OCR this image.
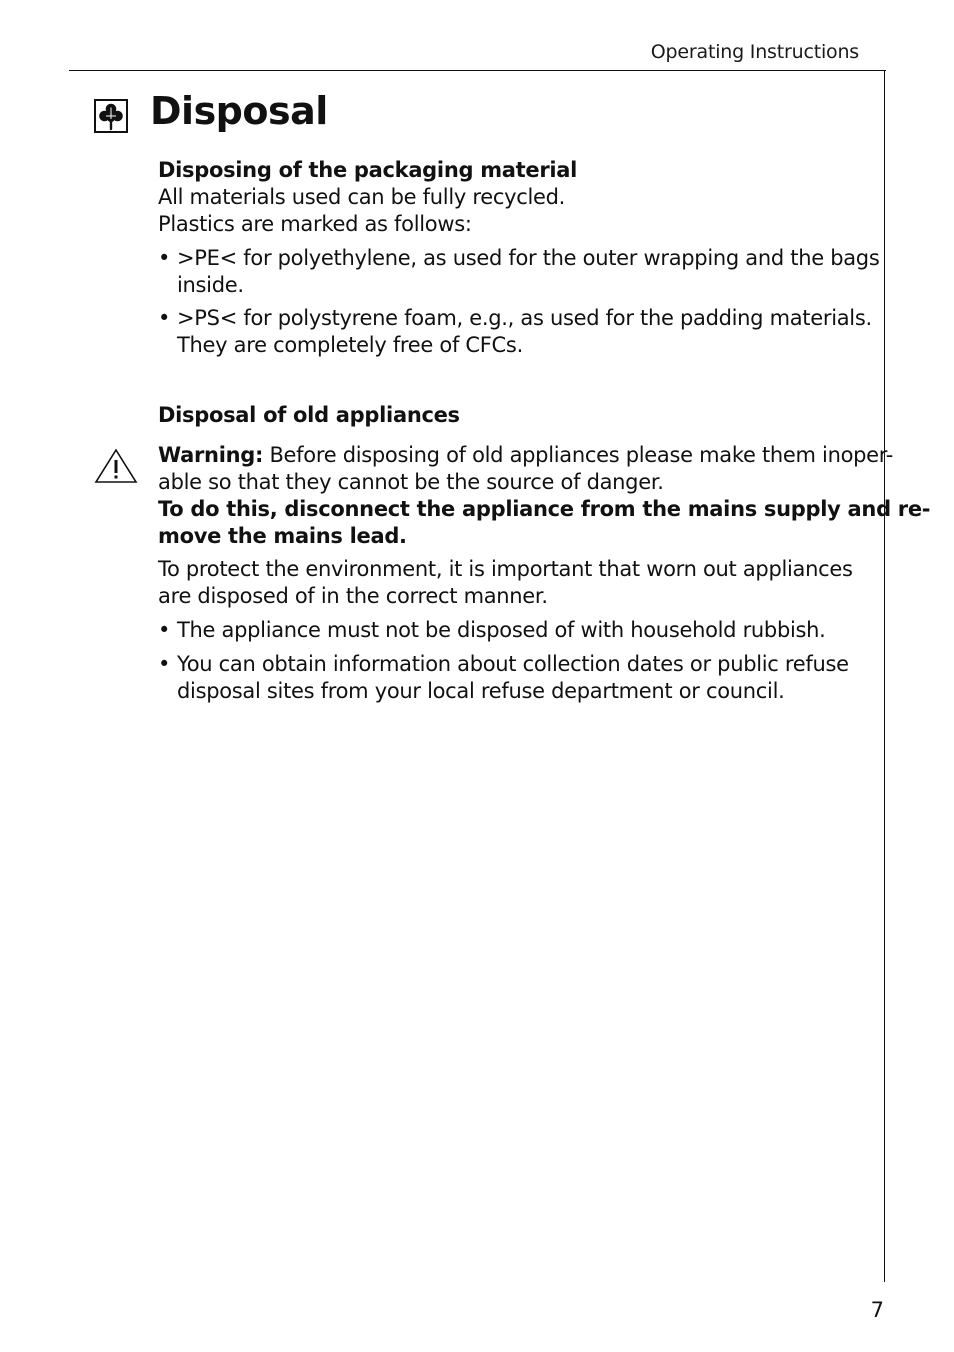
Operating Instructions
Disposal
Disposing of the packaging material
All materials used can be fully recycled.
Plastics are marked as follows:
• >PE< for polyethylene, as used for the outer wrapping and the bags
inside.
• >PS< for polystyrene foam, e.g., as used for the padding materials.
They are completely free of CFCs.
Disposal of old appliances
Warning: Before disposing of old appliances please make them inoper-
able so that they cannot be the source of danger.
To do this, disconnect the appliance from the mains supply and re-
move the mains lead.
To protect the environment, it is important that worn out appliances
are disposed of in the correct manner.
• The appliance must not be disposed of with household rubbish.
• You can obtain information about collection dates or public refuse
disposal sites from your local refuse department or council.
7
